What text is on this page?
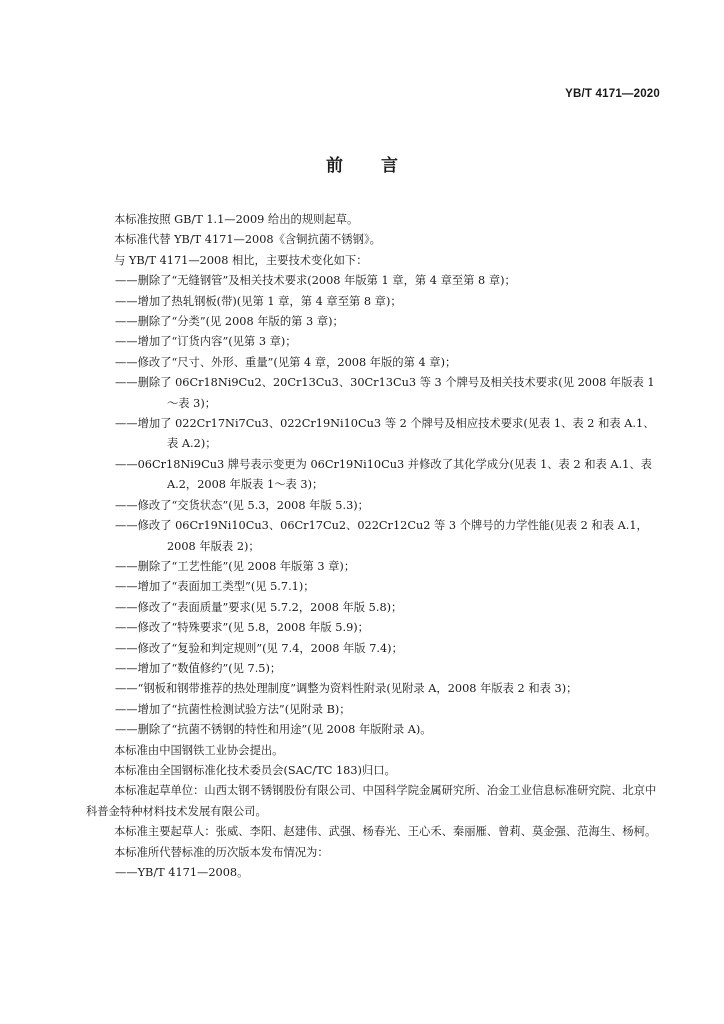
YB/T 4171—2020
前言

本标准按照 GB/T 1.1—2009 给出的规则起草。

本标准代替 YB/T 4171—2008《含铜抗菌不锈钢》。

与 YB/T 4171—2008 相比，主要技术变化如下：

——删除了“无缝钢管”及相关技术要求(2008 年版第 1 章，第 4 章至第 8 章)；

——增加了热轧钢板(带)(见第 1 章，第 4 章至第 8 章)；

——删除了“分类”(见 2008 年版的第 3 章)；

——增加了“订货内容”(见第 3 章)；

——修改了“尺寸、外形、重量”(见第 4 章，2008 年版的第 4 章)；

——删除了 06Cr18Ni9Cu2、20Cr13Cu3、30Cr13Cu3 等 3 个牌号及相关技术要求(见 2008 年版表 1～表 3)；

——增加了 022Cr17Ni7Cu3、022Cr19Ni10Cu3 等 2 个牌号及相应技术要求(见表 1、表 2 和表 A.1、表 A.2)；

——06Cr18Ni9Cu3 牌号表示变更为 06Cr19Ni10Cu3 并修改了其化学成分(见表 1、表 2 和表 A.1、表 A.2，2008 年版表 1～表 3)；

——修改了“交货状态”(见 5.3，2008 年版 5.3)；

——修改了 06Cr19Ni10Cu3、06Cr17Cu2、022Cr12Cu2 等 3 个牌号的力学性能(见表 2 和表 A.1，2008 年版表 2)；

——删除了“工艺性能”(见 2008 年版第 3 章)；

——增加了“表面加工类型”(见 5.7.1)；

——修改了“表面质量”要求(见 5.7.2，2008 年版 5.8)；

——修改了“特殊要求”(见 5.8，2008 年版 5.9)；

——修改了“复验和判定规则”(见 7.4，2008 年版 7.4)；

——增加了“数值修约”(见 7.5)；

——“钢板和钢带推荐的热处理制度”调整为资料性附录(见附录 A，2008 年版表 2 和表 3)；

——增加了“抗菌性检测试验方法”(见附录 B)；

——删除了“抗菌不锈钢的特性和用途”(见 2008 年版附录 A)。

本标准由中国钢铁工业协会提出。

本标准由全国钢标准化技术委员会(SAC/TC 183)归口。

本标准起草单位：山西太钢不锈钢股份有限公司、中国科学院金属研究所、冶金工业信息标准研究院、北京中科普金特种材料技术发展有限公司。

本标准主要起草人：张威、李阳、赵建伟、武强、杨春光、王心禾、秦丽雁、曾莉、莫金强、范海生、杨柯。

本标准所代替标准的历次版本发布情况为：

——YB/T 4171—2008。
